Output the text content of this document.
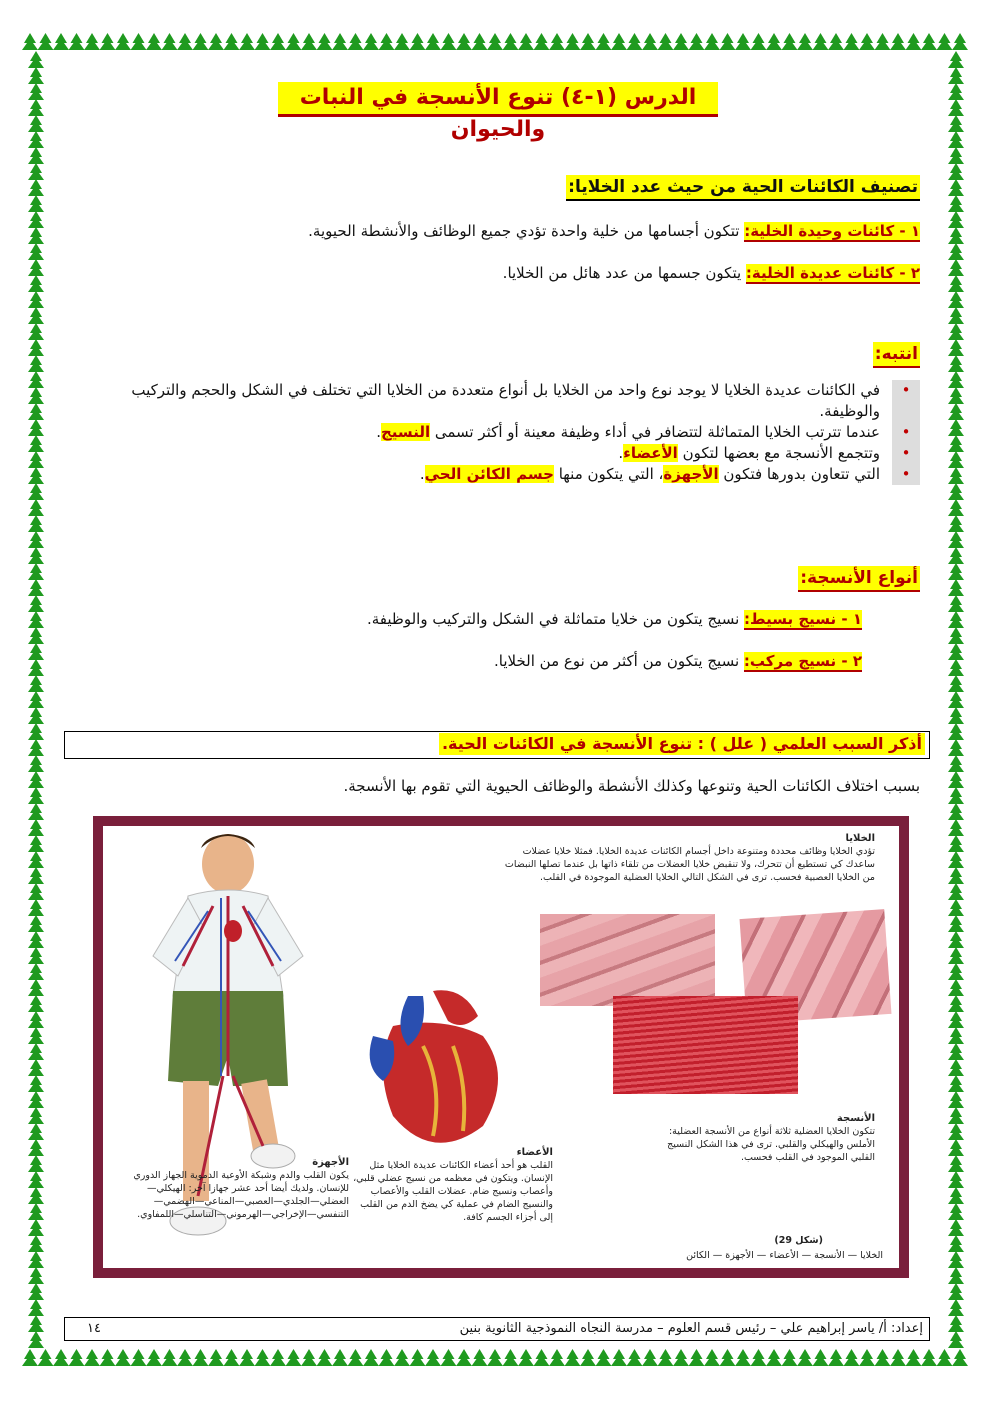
الدرس (١-٤) تنوع الأنسجة في النبات والحيوان
تصنيف الكائنات الحية من حيث عدد الخلايا:
١ - كائنات وحيدة الخلية: تتكون أجسامها من خلية واحدة تؤدي جميع الوظائف والأنشطة الحيوية.
٢ - كائنات عديدة الخلية: يتكون جسمها من عدد هائل من الخلايا.
انتبه:
•
في الكائنات عديدة الخلايا لا يوجد نوع واحد من الخلايا بل أنواع متعددة من الخلايا التي تختلف في الشكل والحجم والتركيب والوظيفة.
•
عندما تترتب الخلايا المتماثلة لتتضافر في أداء وظيفة معينة أو أكثر تسمى النسيج.
•
وتتجمع الأنسجة مع بعضها لتكون الأعضاء.
•
التي تتعاون بدورها فتكون الأجهزة، التي يتكون منها جسم الكائن الحي.
أنواع الأنسجة:
١ - نسيج بسيط: نسيج يتكون من خلايا متماثلة في الشكل والتركيب والوظيفة.
٢ - نسيج مركب: نسيج يتكون من أكثر من نوع من الخلايا.
أذكر السبب العلمي ( علل ) : تنوع الأنسجة في الكائنات الحية.
بسبب اختلاف الكائنات الحية وتنوعها وكذلك الأنشطة والوظائف الحيوية التي تقوم بها الأنسجة.
الخلايا
تؤدي الخلايا وظائف محددة ومتنوعة داخل أجسام الكائنات عديدة الخلايا. فمثلا خلايا عضلات ساعدك كي تستطيع أن تتحرك، ولا تنقبض خلايا العضلات من تلقاء ذاتها بل عندما تصلها النبضات من الخلايا العصبية فحسب. ترى في الشكل التالي الخلايا العضلية الموجودة في القلب.
الأنسجة
تتكون الخلايا العضلية ثلاثة أنواع من الأنسجة العضلية: الأملس والهيكلي والقلبي. ترى في هذا الشكل النسيج القلبي الموجود في القلب فحسب.
الأعضاء
القلب هو أحد أعضاء الكائنات عديدة الخلايا مثل الإنسان. ويتكون في معظمه من نسيج عضلي قلبي، وأعصاب ونسيج ضام. عضلات القلب والأعصاب والنسيج الضام في عملية كي يضخ الدم من القلب إلى أجزاء الجسم كافة.
الأجهزة
يكون القلب والدم وشبكة الأوعية الدموية الجهاز الدوري للإنسان. ولديك أيضا أحد عشر جهازا آخر: الهيكلي—العضلي—الجلدي—العصبي—المناعي—الهضمي—التنفسي—الإخراجي—الهرموني—التناسلي—اللمفاوي.
(شكل 29)
الخلايا — الأنسجة — الأعضاء — الأجهزة — الكائن
إعداد: أ/ ياسر إبراهيم علي – رئيس قسم العلوم – مدرسة النجاه النموذجية الثانوية بنين
١٤
